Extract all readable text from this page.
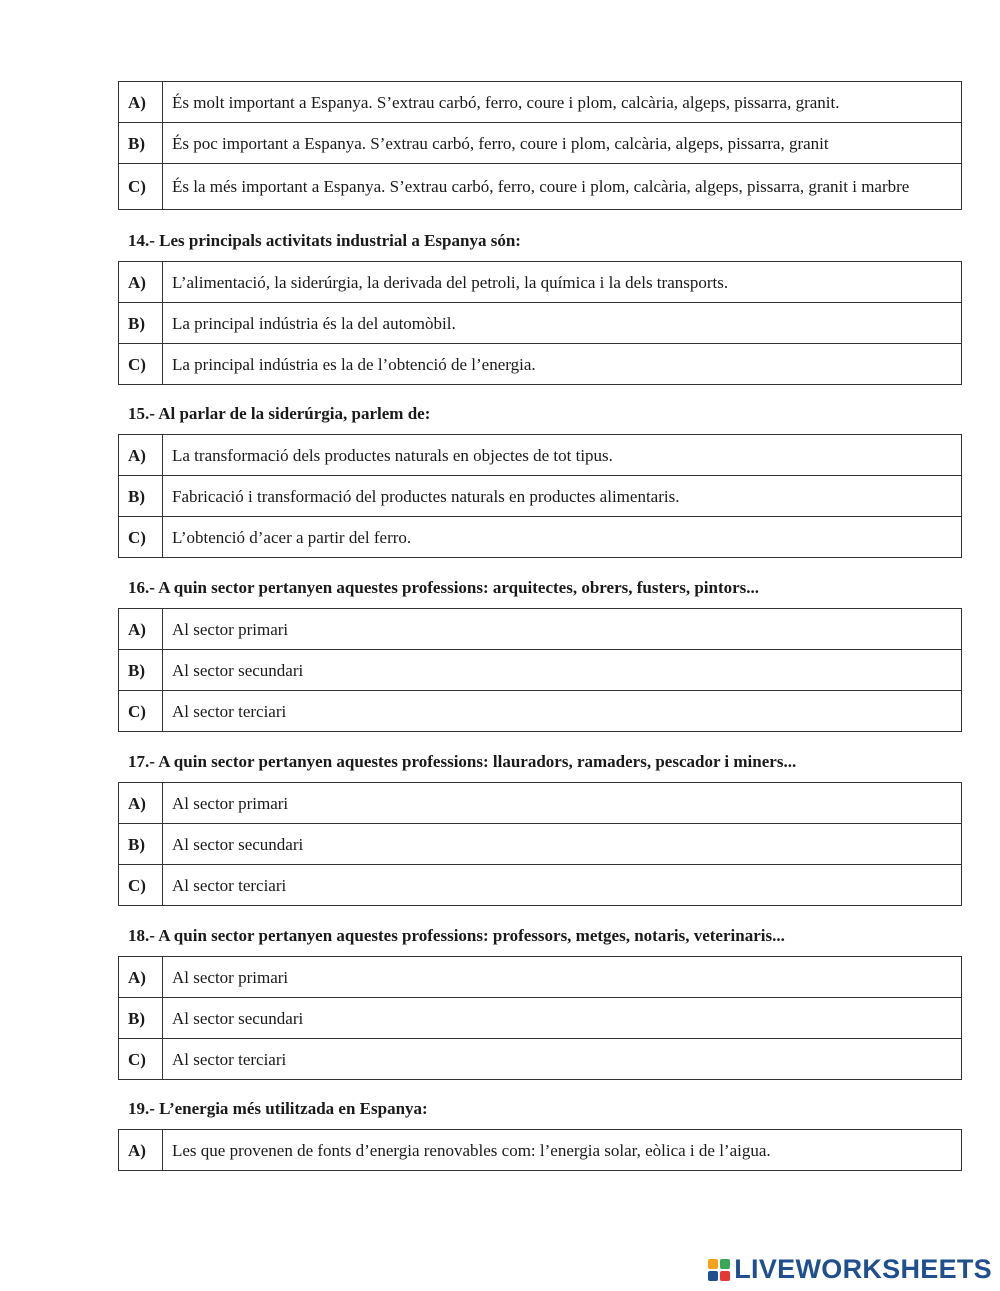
A)	És molt important a Espanya. S’extrau carbó, ferro, coure i plom, calcària, algeps, pissarra, granit.
B)	És poc important a Espanya. S’extrau carbó, ferro, coure i plom, calcària, algeps, pissarra, granit
C)	És la més important a Espanya. S’extrau carbó, ferro, coure i plom, calcària, algeps, pissarra, granit i marbre
14.- Les principals activitats industrial a Espanya són:
A)	L’alimentació, la siderúrgia, la derivada del petroli, la química i la dels transports.
B)	La principal indústria és la del automòbil.
C)	La principal indústria es la de l’obtenció de l’energia.
15.- Al parlar de la siderúrgia, parlem de:
A)	La transformació dels productes naturals en objectes de tot tipus.
B)	Fabricació i transformació del productes naturals en productes alimentaris.
C)	L’obtenció d’acer a partir del ferro.
16.- A quin sector pertanyen aquestes professions: arquitectes, obrers, fusters, pintors...
A)	Al sector primari
B)	Al sector secundari
C)	Al sector terciari
17.- A quin sector pertanyen aquestes professions: llauradors, ramaders, pescador i miners...
A)	Al sector primari
B)	Al sector secundari
C)	Al sector terciari
18.- A quin sector pertanyen aquestes professions: professors, metges, notaris, veterinaris...
A)	Al sector primari
B)	Al sector secundari
C)	Al sector terciari
19.- L’energia més utilitzada en Espanya:
A)	Les que provenen de fonts d’energia renovables com: l’energia solar, eòlica i de l’aigua.
LIVEWORKSHEETS
